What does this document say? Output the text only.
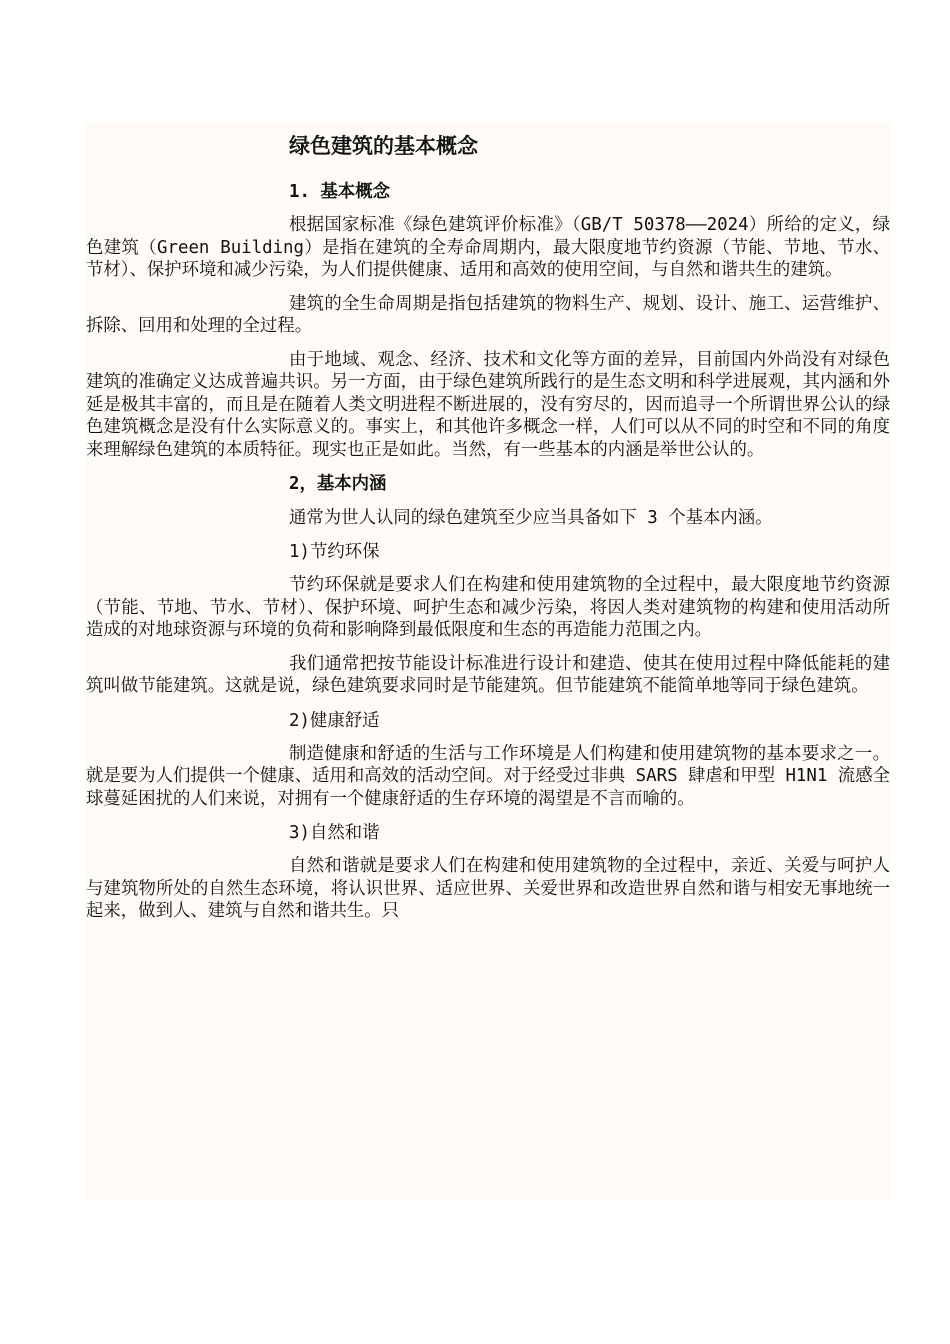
绿色建筑的基本概念
1. 基本概念

根据国家标准《绿色建筑评价标准》（GB/T 50378——2024）所给的定义，绿色建筑（Green Building）是指在建筑的全寿命周期内，最大限度地节约资源（节能、节地、节水、节材）、保护环境和减少污染，为人们提供健康、适用和高效的使用空间，与自然和谐共生的建筑。

建筑的全生命周期是指包括建筑的物料生产、规划、设计、施工、运营维护、拆除、回用和处理的全过程。

由于地域、观念、经济、技术和文化等方面的差异，目前国内外尚没有对绿色建筑的准确定义达成普遍共识。另一方面，由于绿色建筑所践行的是生态文明和科学进展观，其内涵和外延是极其丰富的，而且是在随着人类文明进程不断进展的，没有穷尽的，因而追寻一个所谓世界公认的绿色建筑概念是没有什么实际意义的。事实上，和其他许多概念一样，人们可以从不同的时空和不同的角度来理解绿色建筑的本质特征。现实也正是如此。当然，有一些基本的内涵是举世公认的。

2，基本内涵
通常为世人认同的绿色建筑至少应当具备如下 3 个基本内涵。
1)节约环保

节约环保就是要求人们在构建和使用建筑物的全过程中，最大限度地节约资源（节能、节地、节水、节材）、保护环境、呵护生态和减少污染，将因人类对建筑物的构建和使用活动所造成的对地球资源与环境的负荷和影响降到最低限度和生态的再造能力范围之内。

我们通常把按节能设计标准进行设计和建造、使其在使用过程中降低能耗的建筑叫做节能建筑。这就是说，绿色建筑要求同时是节能建筑。但节能建筑不能简单地等同于绿色建筑。

2)健康舒适

制造健康和舒适的生活与工作环境是人们构建和使用建筑物的基本要求之一。就是要为人们提供一个健康、适用和高效的活动空间。对于经受过非典 SARS 肆虐和甲型 H1N1 流感全球蔓延困扰的人们来说，对拥有一个健康舒适的生存环境的渴望是不言而喻的。

3)自然和谐

自然和谐就是要求人们在构建和使用建筑物的全过程中，亲近、关爱与呵护人与建筑物所处的自然生态环境，将认识世界、适应世界、关爱世界和改造世界自然和谐与相安无事地统一起来，做到人、建筑与自然和谐共生。只
